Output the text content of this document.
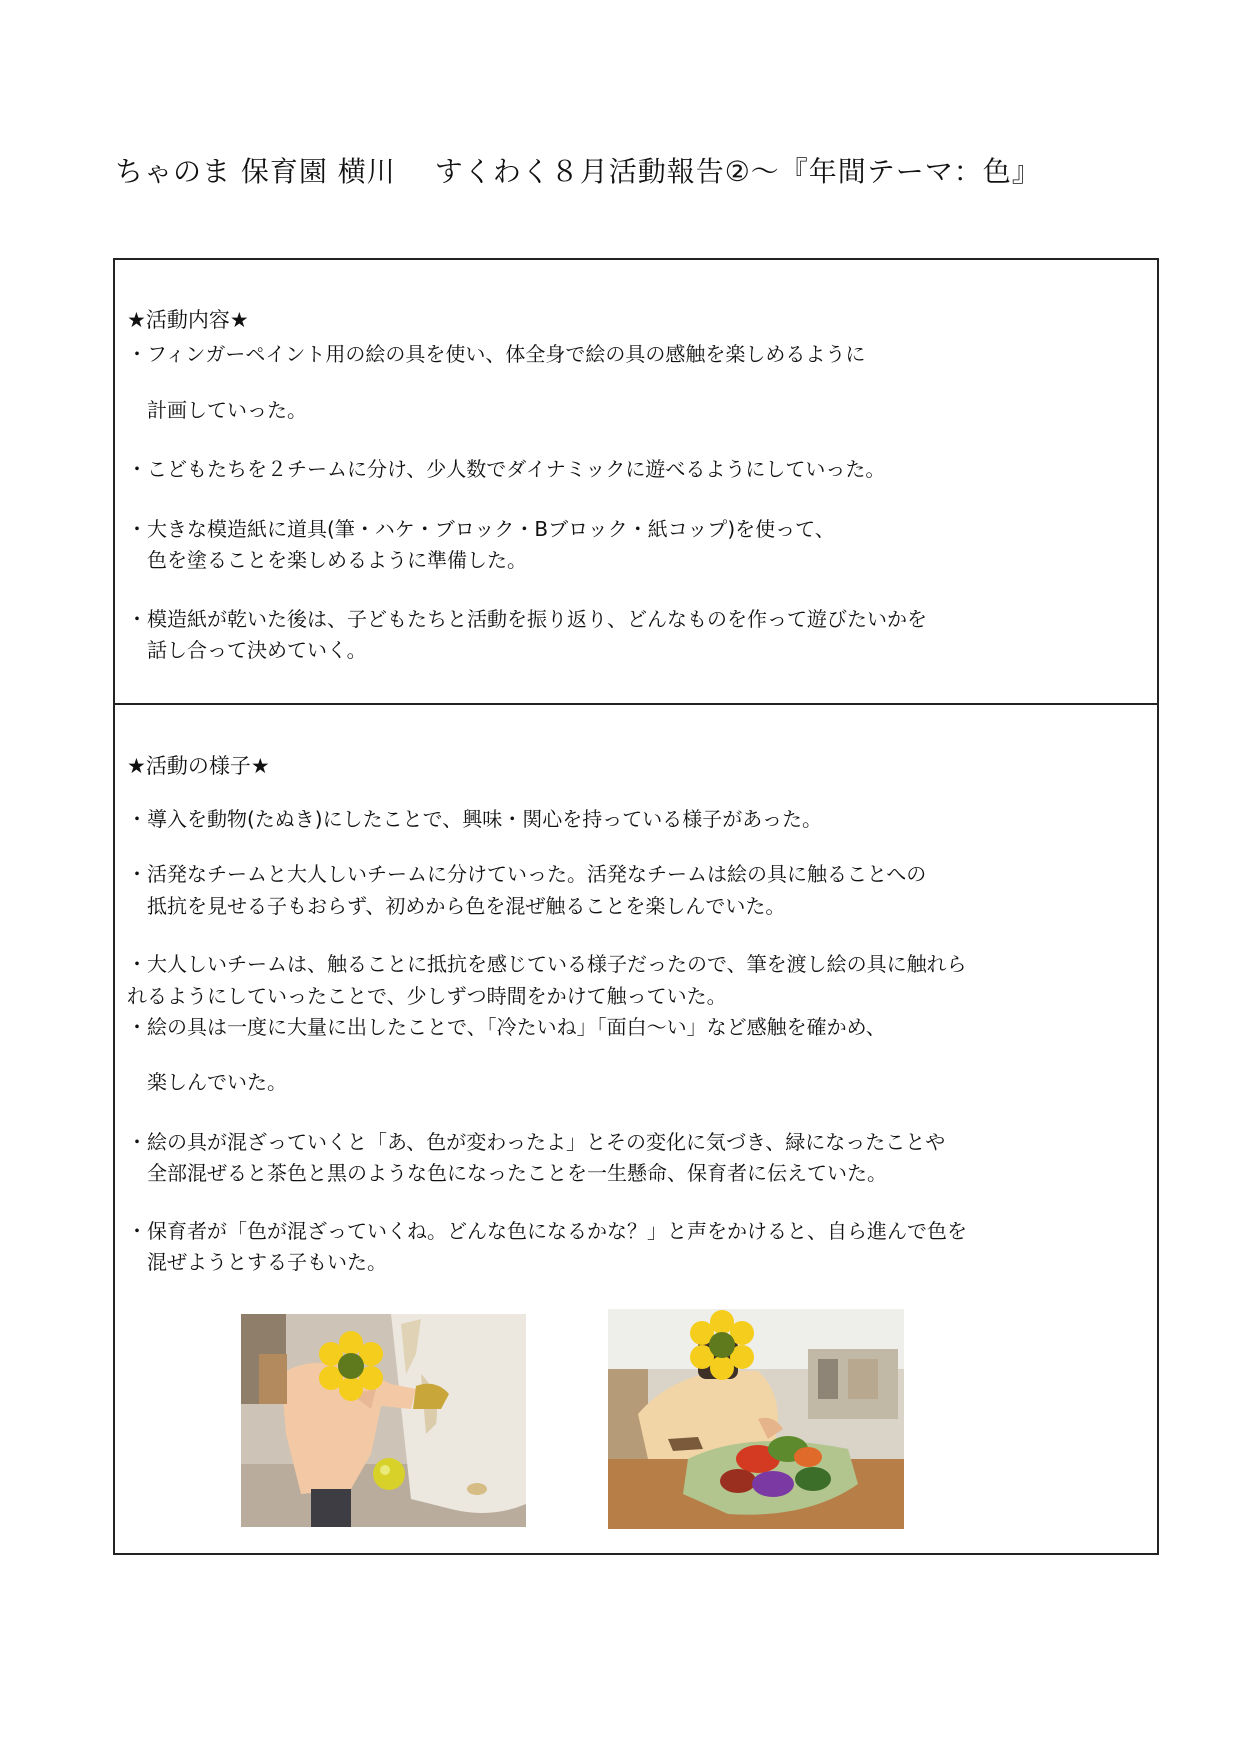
ちゃのま 保育園 横川　 すくわく８月活動報告②～『年間テーマ：色』
★活動内容★
・フィンガーペイント用の絵の具を使い、体全身で絵の具の感触を楽しめるように
　計画していった。
・こどもたちを２チームに分け、少人数でダイナミックに遊べるようにしていった。
・大きな模造紙に道具(筆・ハケ・ブロック・Bブロック・紙コップ)を使って、
　色を塗ることを楽しめるように準備した。
・模造紙が乾いた後は、子どもたちと活動を振り返り、どんなものを作って遊びたいかを
　話し合って決めていく。
★活動の様子★
・導入を動物(たぬき)にしたことで、興味・関心を持っている様子があった。
・活発なチームと大人しいチームに分けていった。活発なチームは絵の具に触ることへの
　抵抗を見せる子もおらず、初めから色を混ぜ触ることを楽しんでいた。
・大人しいチームは、触ることに抵抗を感じている様子だったので、筆を渡し絵の具に触れら
れるようにしていったことで、少しずつ時間をかけて触っていた。
・絵の具は一度に大量に出したことで、「冷たいね」「面白～い」など感触を確かめ、
　楽しんでいた。
・絵の具が混ざっていくと「あ、色が変わったよ」とその変化に気づき、緑になったことや
　全部混ぜると茶色と黒のような色になったことを一生懸命、保育者に伝えていた。
・保育者が「色が混ざっていくね。どんな色になるかな？」と声をかけると、自ら進んで色を
　混ぜようとする子もいた。
